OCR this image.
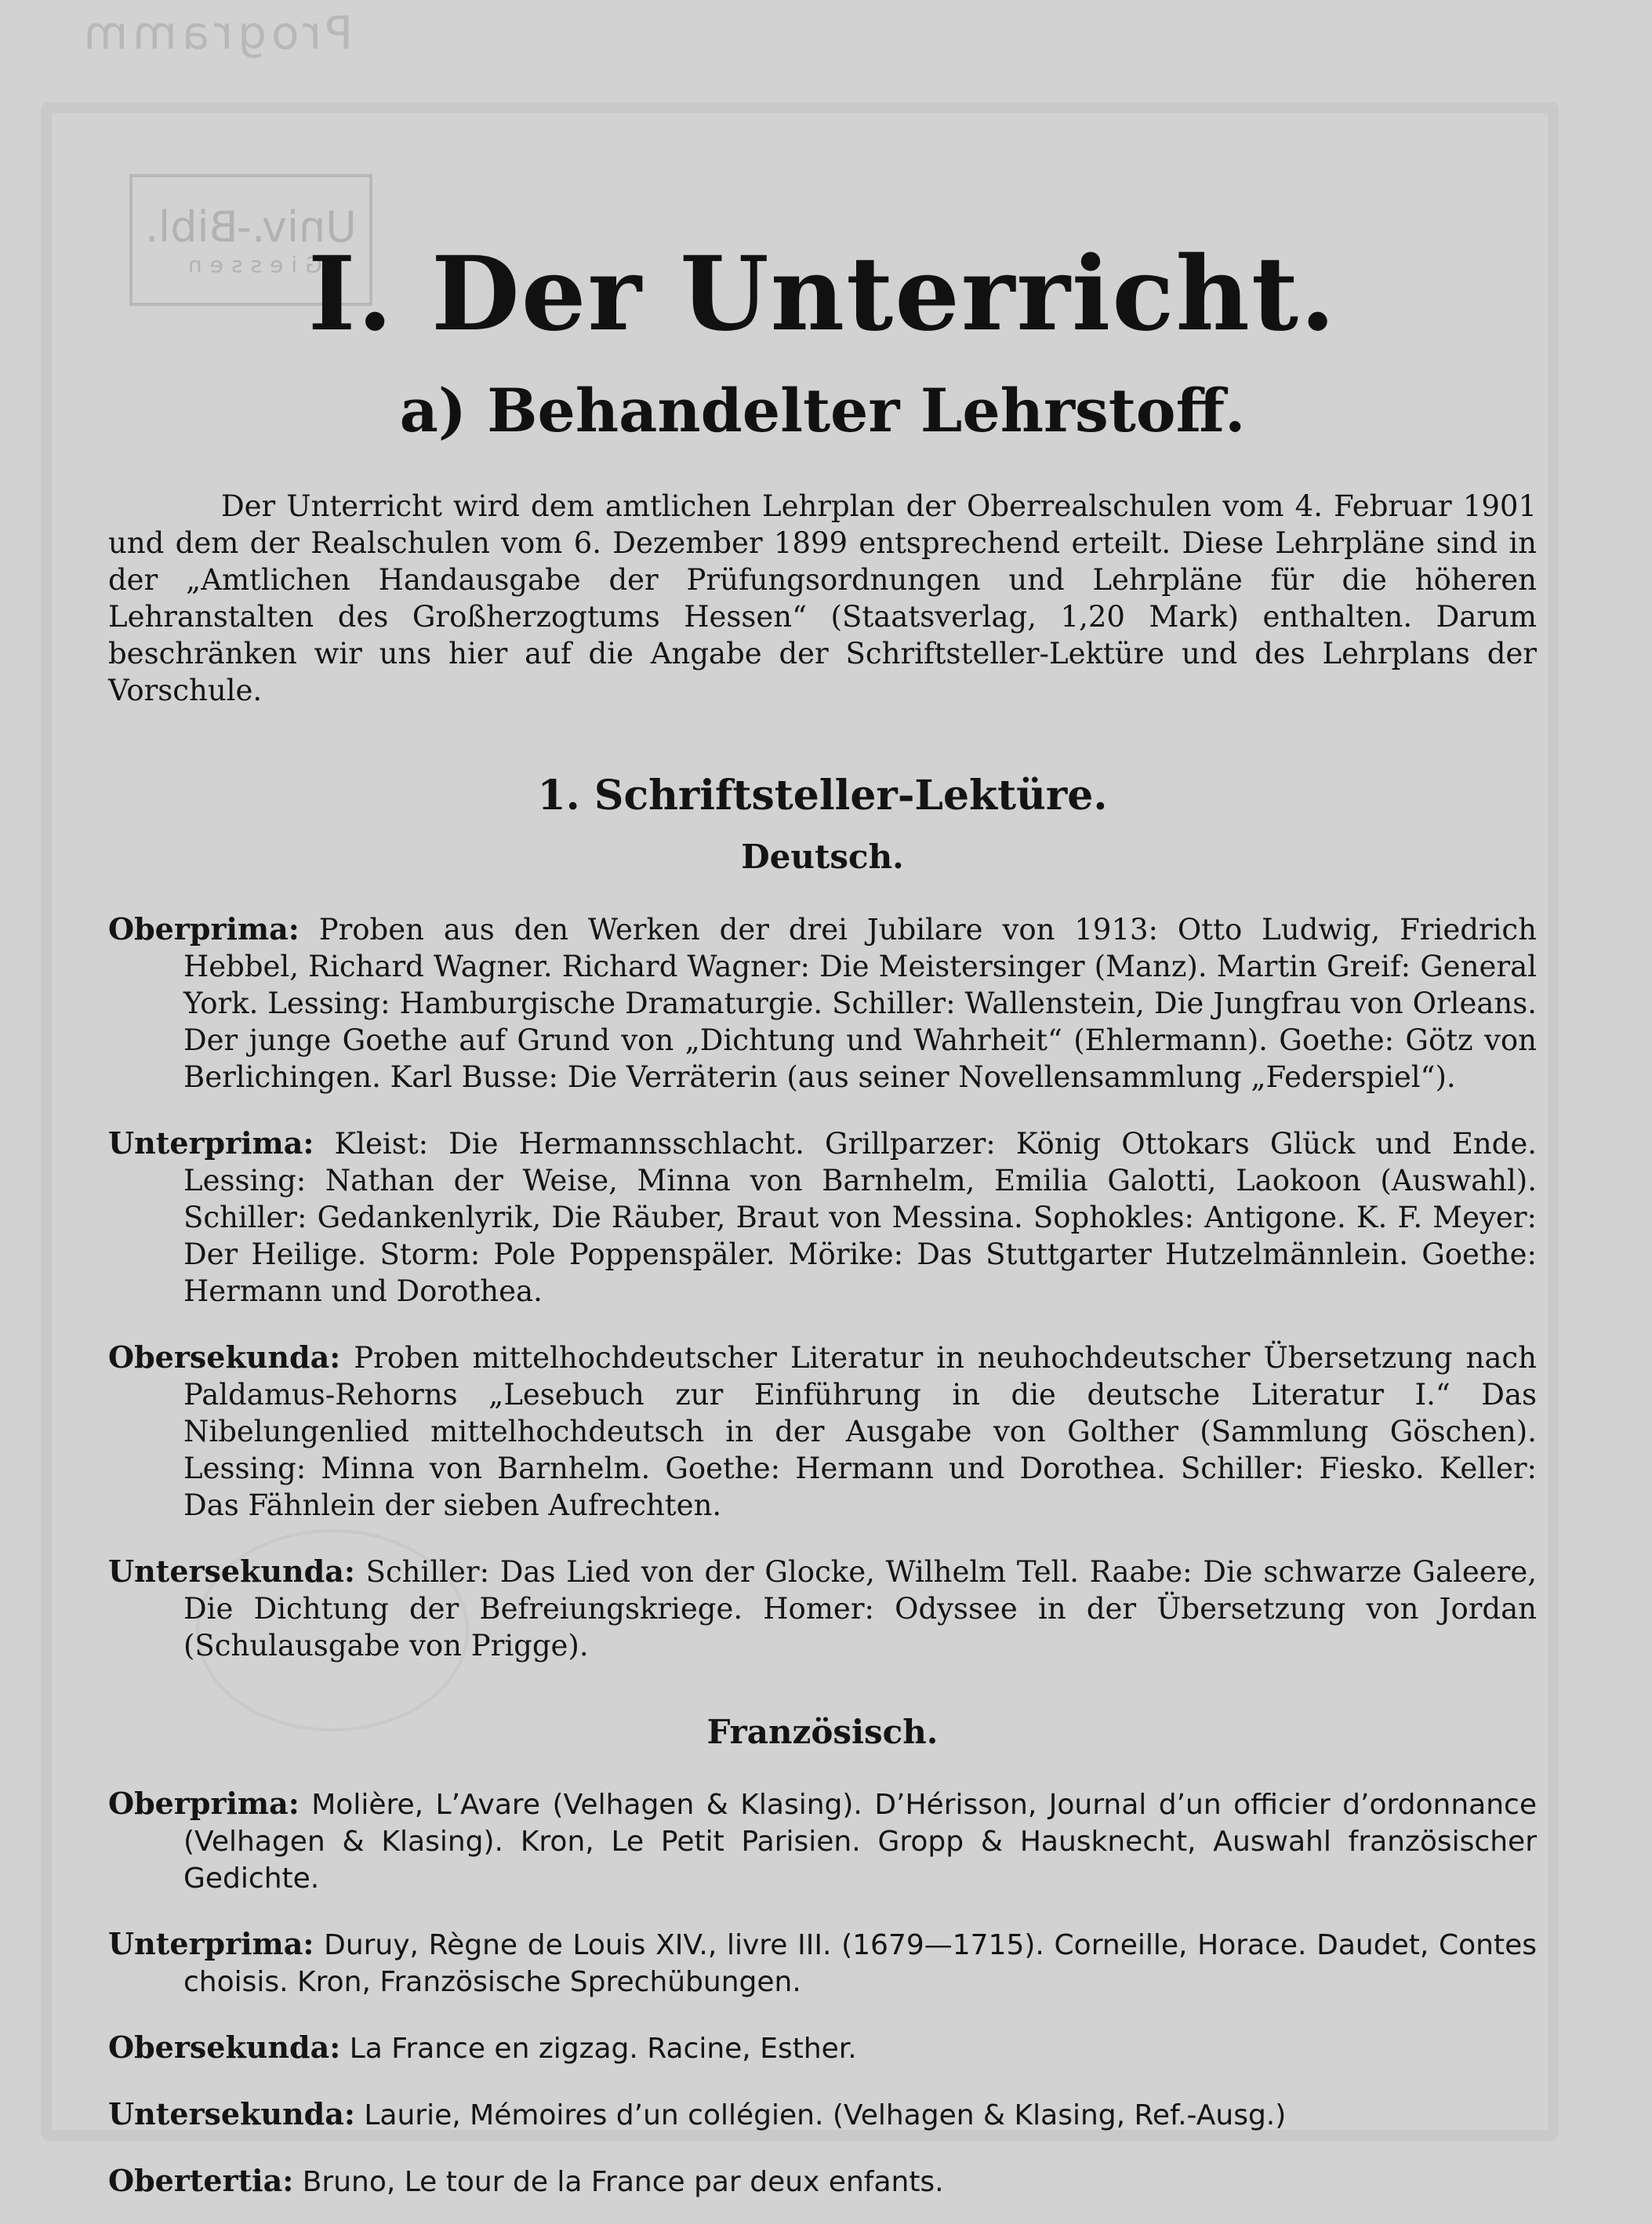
Programm
Univ.-Bibl.
Giessen
I. Der Unterricht.
a) Behandelter Lehrstoff.

Der Unterricht wird dem amtlichen Lehrplan der Oberrealschulen vom 4. Februar 1901 und dem der Realschulen vom 6. Dezember 1899 entsprechend erteilt. Diese Lehrpläne sind in der „Amtlichen Handausgabe der Prüfungsordnungen und Lehrpläne für die höheren Lehranstalten des Großherzogtums Hessen“ (Staatsverlag, 1,20 Mark) enthalten. Darum beschränken wir uns hier auf die Angabe der Schriftsteller-Lektüre und des Lehrplans der Vorschule.

1. Schriftsteller-Lektüre.
Deutsch.

Oberprima: Proben aus den Werken der drei Jubilare von 1913: Otto Ludwig, Friedrich Hebbel, Richard Wagner. Richard Wagner: Die Meistersinger (Manz). Martin Greif: General York. Lessing: Hamburgische Dramaturgie. Schiller: Wallenstein, Die Jungfrau von Orleans. Der junge Goethe auf Grund von „Dichtung und Wahrheit“ (Ehlermann). Goethe: Götz von Berlichingen. Karl Busse: Die Verräterin (aus seiner Novellensammlung „Federspiel“).

Unterprima: Kleist: Die Hermannsschlacht. Grillparzer: König Ottokars Glück und Ende. Lessing: Nathan der Weise, Minna von Barnhelm, Emilia Galotti, Laokoon (Auswahl). Schiller: Gedankenlyrik, Die Räuber, Braut von Messina. Sophokles: Antigone. K. F. Meyer: Der Heilige. Storm: Pole Poppenspäler. Mörike: Das Stuttgarter Hutzelmännlein. Goethe: Hermann und Dorothea.

Obersekunda: Proben mittelhochdeutscher Literatur in neuhochdeutscher Übersetzung nach Paldamus-Rehorns „Lesebuch zur Einführung in die deutsche Literatur I.“ Das Nibelungenlied mittelhochdeutsch in der Ausgabe von Golther (Sammlung Göschen). Lessing: Minna von Barnhelm. Goethe: Hermann und Dorothea. Schiller: Fiesko. Keller: Das Fähnlein der sieben Aufrechten.

Untersekunda: Schiller: Das Lied von der Glocke, Wilhelm Tell. Raabe: Die schwarze Galeere, Die Dichtung der Befreiungskriege. Homer: Odyssee in der Übersetzung von Jordan (Schulausgabe von Prigge).

Französisch.

Oberprima: Molière, L’Avare (Velhagen & Klasing). D’Hérisson, Journal d’un officier d’ordonnance (Velhagen & Klasing). Kron, Le Petit Parisien. Gropp & Hausknecht, Auswahl französischer Gedichte.

Unterprima: Duruy, Règne de Louis XIV., livre III. (1679—1715). Corneille, Horace. Daudet, Contes choisis. Kron, Französische Sprechübungen.

Obersekunda: La France en zigzag. Racine, Esther.

Untersekunda: Laurie, Mémoires d’un collégien. (Velhagen & Klasing, Ref.-Ausg.)

Obertertia: Bruno, Le tour de la France par deux enfants.
